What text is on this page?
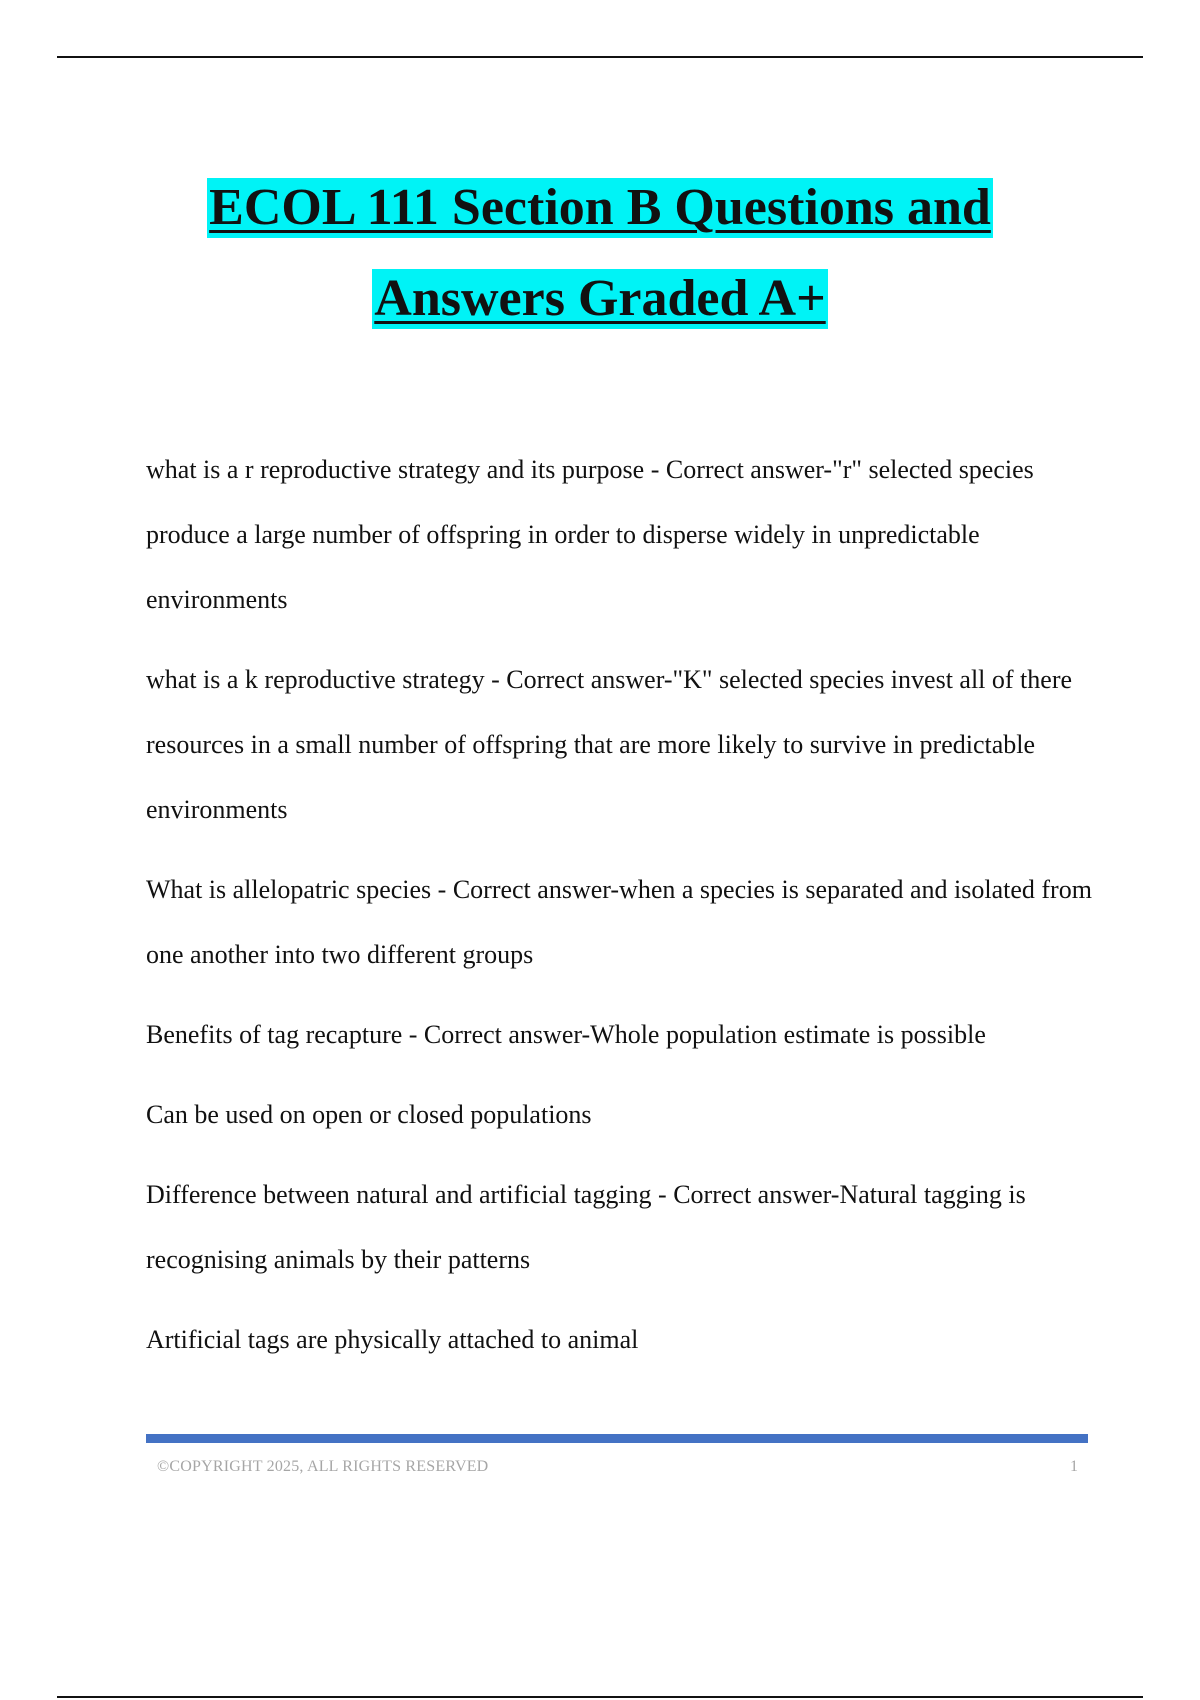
ECOL 111 Section B Questions and
Answers Graded A+

what is a r reproductive strategy and its purpose - Correct answer-"r" selected species produce a large number of offspring in order to disperse widely in unpredictable environments

what is a k reproductive strategy - Correct answer-"K" selected species invest all of there resources in a small number of offspring that are more likely to survive in predictable environments

What is allelopatric species - Correct answer-when a species is separated and isolated from one another into two different groups

Benefits of tag recapture - Correct answer-Whole population estimate is possible

Can be used on open or closed populations

Difference between natural and artificial tagging - Correct answer-Natural tagging is recognising animals by their patterns

Artificial tags are physically attached to animal

©COPYRIGHT 2025, ALL RIGHTS RESERVED	1
